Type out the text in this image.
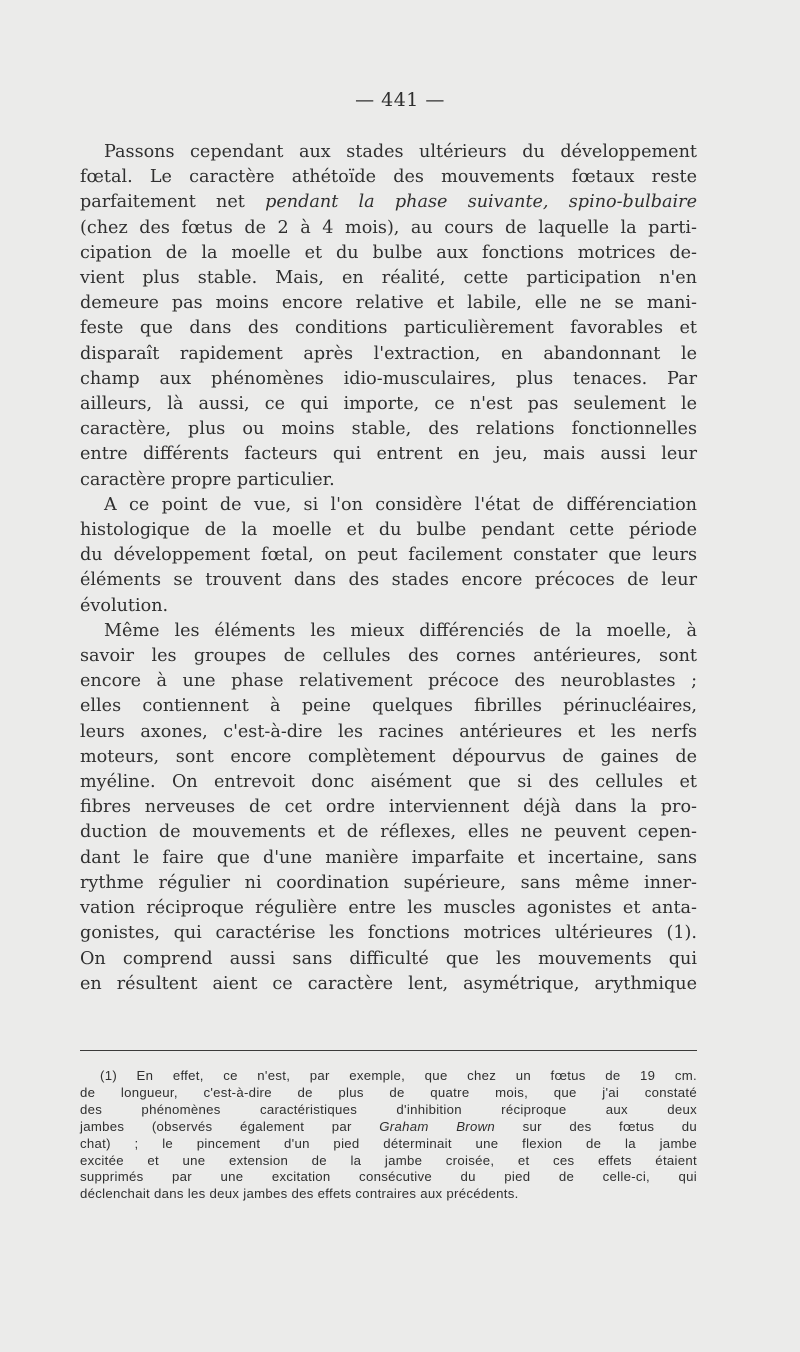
— 441 —
Passons cependant aux stades ultérieurs du développement
fœtal. Le caractère athétoïde des mouvements fœtaux reste
parfaitement net pendant la phase suivante, spino-bulbaire
(chez des fœtus de 2 à 4 mois), au cours de laquelle la parti-
cipation de la moelle et du bulbe aux fonctions motrices de-
vient plus stable. Mais, en réalité, cette participation n'en
demeure pas moins encore relative et labile, elle ne se mani-
feste que dans des conditions particulièrement favorables et
disparaît rapidement après l'extraction, en abandonnant le
champ aux phénomènes idio-musculaires, plus tenaces. Par
ailleurs, là aussi, ce qui importe, ce n'est pas seulement le
caractère, plus ou moins stable, des relations fonctionnelles
entre différents facteurs qui entrent en jeu, mais aussi leur
caractère propre particulier.
A ce point de vue, si l'on considère l'état de différenciation
histologique de la moelle et du bulbe pendant cette période
du développement fœtal, on peut facilement constater que leurs
éléments se trouvent dans des stades encore précoces de leur
évolution.
Même les éléments les mieux différenciés de la moelle, à
savoir les groupes de cellules des cornes antérieures, sont
encore à une phase relativement précoce des neuroblastes ;
elles contiennent à peine quelques fibrilles périnucléaires,
leurs axones, c'est-à-dire les racines antérieures et les nerfs
moteurs, sont encore complètement dépourvus de gaines de
myéline. On entrevoit donc aisément que si des cellules et
fibres nerveuses de cet ordre interviennent déjà dans la pro-
duction de mouvements et de réflexes, elles ne peuvent cepen-
dant le faire que d'une manière imparfaite et incertaine, sans
rythme régulier ni coordination supérieure, sans même inner-
vation réciproque régulière entre les muscles agonistes et anta-
gonistes, qui caractérise les fonctions motrices ultérieures (1).
On comprend aussi sans difficulté que les mouvements qui
en résultent aient ce caractère lent, asymétrique, arythmique
(1) En effet, ce n'est, par exemple, que chez un fœtus de 19 cm.
de longueur, c'est-à-dire de plus de quatre mois, que j'ai constaté
des phénomènes caractéristiques d'inhibition réciproque aux deux
jambes (observés également par Graham Brown sur des fœtus du
chat) ; le pincement d'un pied déterminait une flexion de la jambe
excitée et une extension de la jambe croisée, et ces effets étaient
supprimés par une excitation consécutive du pied de celle-ci, qui
déclenchait dans les deux jambes des effets contraires aux précédents.
